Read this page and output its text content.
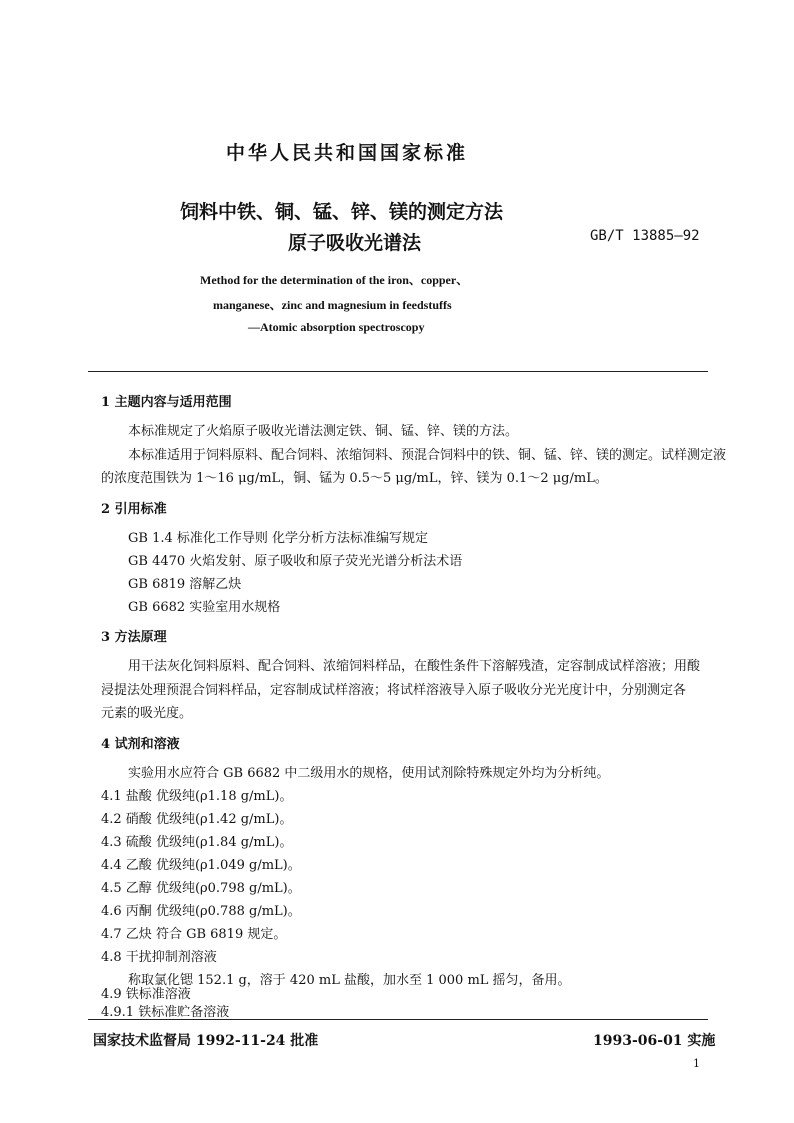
中华人民共和国国家标准
饲料中铁、铜、锰、锌、镁的测定方法
原子吸收光谱法	GB/T 13885—92
Method for the determination of the iron、copper、
manganese、zinc and magnesium in feedstuffs
—Atomic absorption spectroscopy
1 主题内容与适用范围
本标准规定了火焰原子吸收光谱法测定铁、铜、锰、锌、镁的方法。
本标准适用于饲料原料、配合饲料、浓缩饲料、预混合饲料中的铁、铜、锰、锌、镁的测定。试样测定液
的浓度范围铁为 1～16 μg/mL，铜、锰为 0.5～5 μg/mL，锌、镁为 0.1～2 μg/mL。
2 引用标准
GB 1.4 标准化工作导则 化学分析方法标准编写规定
GB 4470 火焰发射、原子吸收和原子荧光光谱分析法术语
GB 6819 溶解乙炔
GB 6682 实验室用水规格
3 方法原理
用干法灰化饲料原料、配合饲料、浓缩饲料样品，在酸性条件下溶解残渣，定容制成试样溶液；用酸
浸提法处理预混合饲料样品，定容制成试样溶液；将试样溶液导入原子吸收分光光度计中，分别测定各
元素的吸光度。
4 试剂和溶液
实验用水应符合 GB 6682 中二级用水的规格，使用试剂除特殊规定外均为分析纯。
4.1 盐酸 优级纯(ρ1.18 g/mL)。
4.2 硝酸 优级纯(ρ1.42 g/mL)。
4.3 硫酸 优级纯(ρ1.84 g/mL)。
4.4 乙酸 优级纯(ρ1.049 g/mL)。
4.5 乙醇 优级纯(ρ0.798 g/mL)。
4.6 丙酮 优级纯(ρ0.788 g/mL)。
4.7 乙炔 符合 GB 6819 规定。
4.8 干扰抑制剂溶液
称取氯化锶 152.1 g，溶于 420 mL 盐酸，加水至 1 000 mL 摇匀，备用。
4.9 铁标准溶液
4.9.1 铁标准贮备溶液
国家技术监督局 1992-11-24 批准	1993-06-01 实施
1
